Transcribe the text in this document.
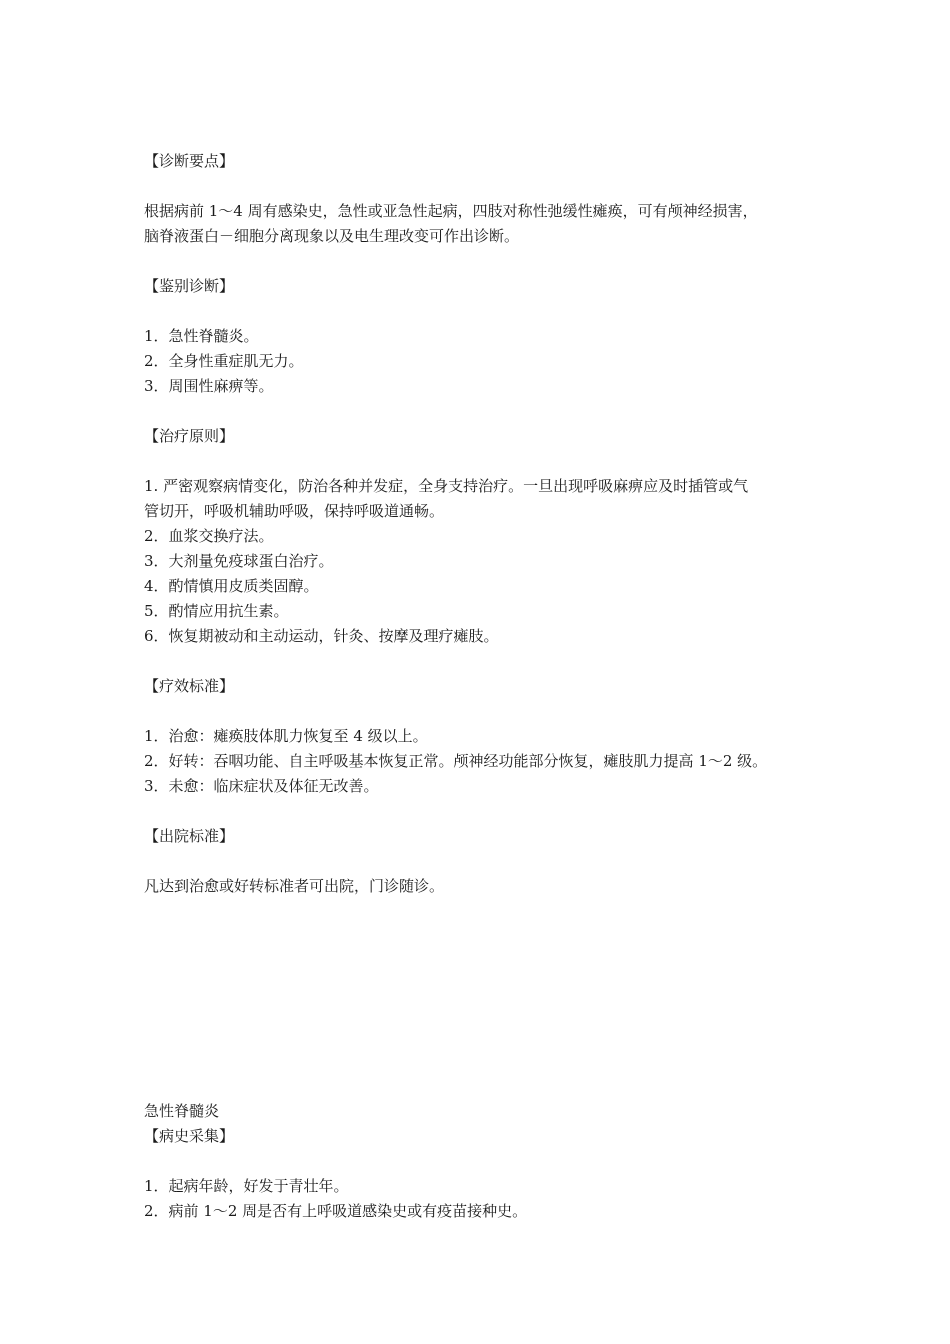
【诊断要点】
根据病前 1～4 周有感染史，急性或亚急性起病，四肢对称性弛缓性瘫痪，可有颅神经损害，
脑脊液蛋白－细胞分离现象以及电生理改变可作出诊断。
【鉴别诊断】
1．急性脊髓炎。
2．全身性重症肌无力。
3．周围性麻痹等。
【治疗原则】
1. 严密观察病情变化，防治各种并发症，全身支持治疗。一旦出现呼吸麻痹应及时插管或气
管切开，呼吸机辅助呼吸，保持呼吸道通畅。
2．血浆交换疗法。
3．大剂量免疫球蛋白治疗。
4．酌情慎用皮质类固醇。
5．酌情应用抗生素。
6．恢复期被动和主动运动，针灸、按摩及理疗瘫肢。
【疗效标准】
1．治愈：瘫痪肢体肌力恢复至 4 级以上。
2．好转：吞咽功能、自主呼吸基本恢复正常。颅神经功能部分恢复，瘫肢肌力提高 1～2 级。
3．未愈：临床症状及体征无改善。
【出院标准】
凡达到治愈或好转标准者可出院，门诊随诊。
急性脊髓炎
【病史采集】
1．起病年龄，好发于青壮年。
2．病前 1～2 周是否有上呼吸道感染史或有疫苗接种史。
